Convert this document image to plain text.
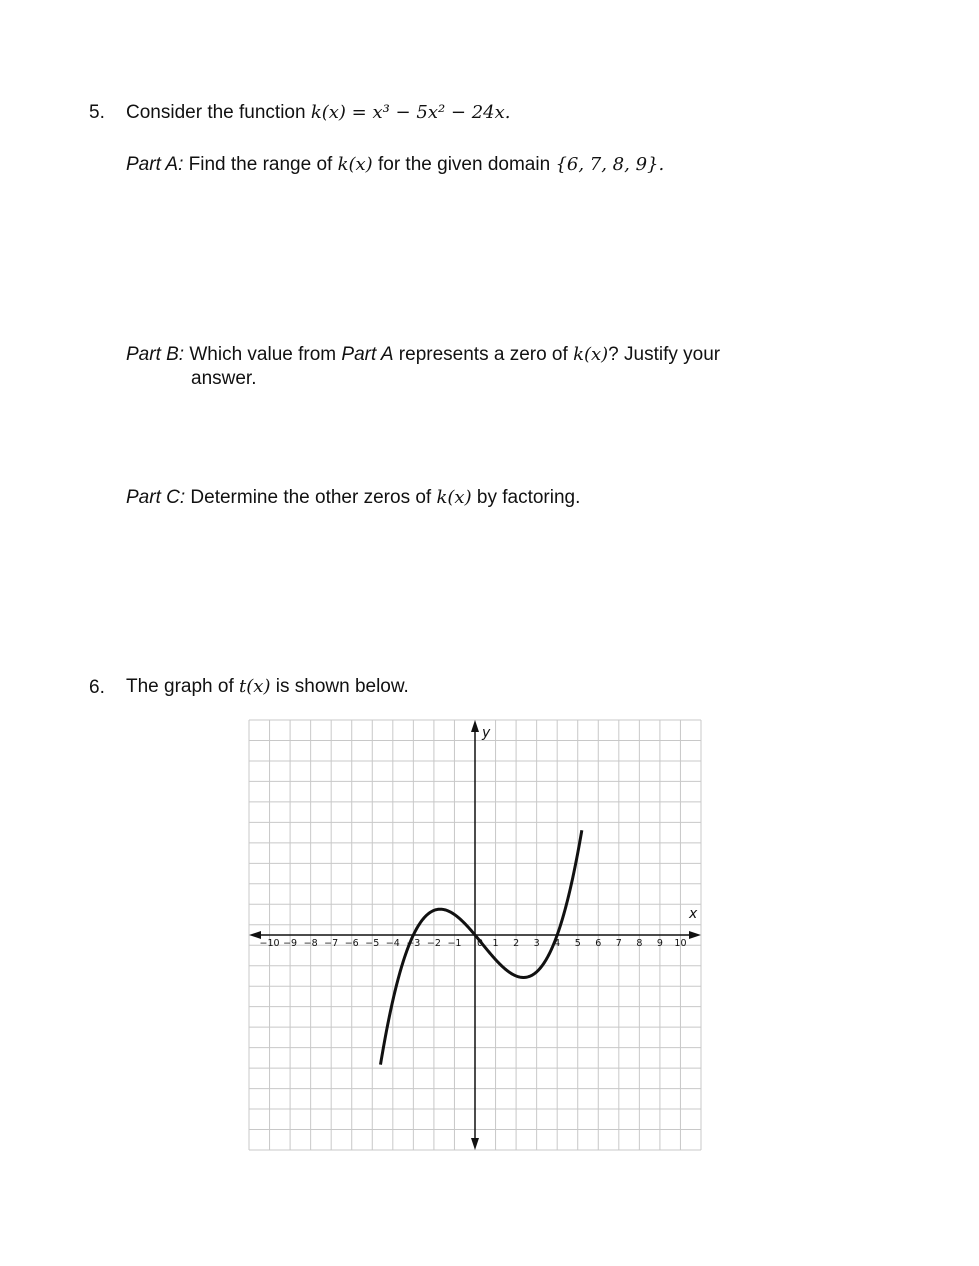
5. Consider the function k(x) = x³ − 5x² − 24x.
Part A: Find the range of k(x) for the given domain {6, 7, 8, 9}.
Part B: Which value from Part A represents a zero of k(x)? Justify your
answer.
Part C: Determine the other zeros of k(x) by factoring.
6. The graph of t(x) is shown below.
−10 −9 −8 −7 −6 −5 −4 −3 −2 −1 0 1 2 3 4 5 6 7 8 9 10
x
y
